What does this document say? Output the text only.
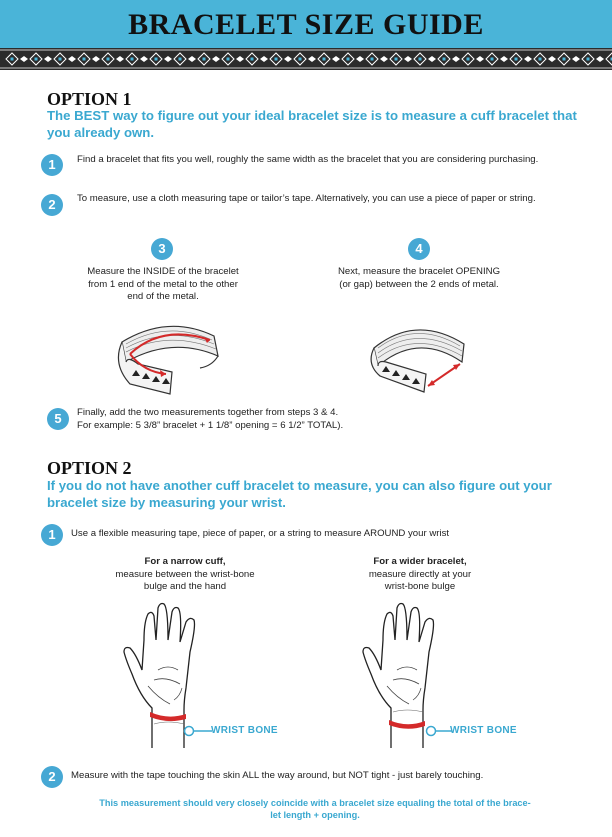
BRACELET SIZE GUIDE
OPTION 1
The BEST way to figure out your ideal bracelet size is to measure a cuff bracelet that you already own.
1	Find a bracelet that fits you well, roughly the same width as the bracelet that you are considering purchasing.
2	To measure, use a cloth measuring tape or tailor’s tape. Alternatively, you can use a piece of paper or string.
3
Measure the INSIDE of the bracelet from 1 end of the metal to the other end of the metal.
4
Next, measure the bracelet OPENING (or gap) between the 2 ends of metal.
5	Finally, add the two measurements together from steps 3 & 4.
For example: 5 3/8” bracelet + 1 1/8” opening = 6 1/2” TOTAL).
OPTION 2
If you do not have another cuff bracelet to measure, you can also figure out your bracelet size by measuring your wrist.
1	Use a flexible measuring tape, piece of paper, or a string to measure AROUND your wrist
For a narrow cuff,
measure between the wrist-bone
bulge and the hand
For a wider bracelet,
measure directly at your
wrist-bone bulge
WRIST BONE	WRIST BONE
2	Measure with the tape touching the skin ALL the way around, but NOT tight - just barely touching.
This measurement should very closely coincide with a bracelet size equaling the total of the brace-
let length + opening.
